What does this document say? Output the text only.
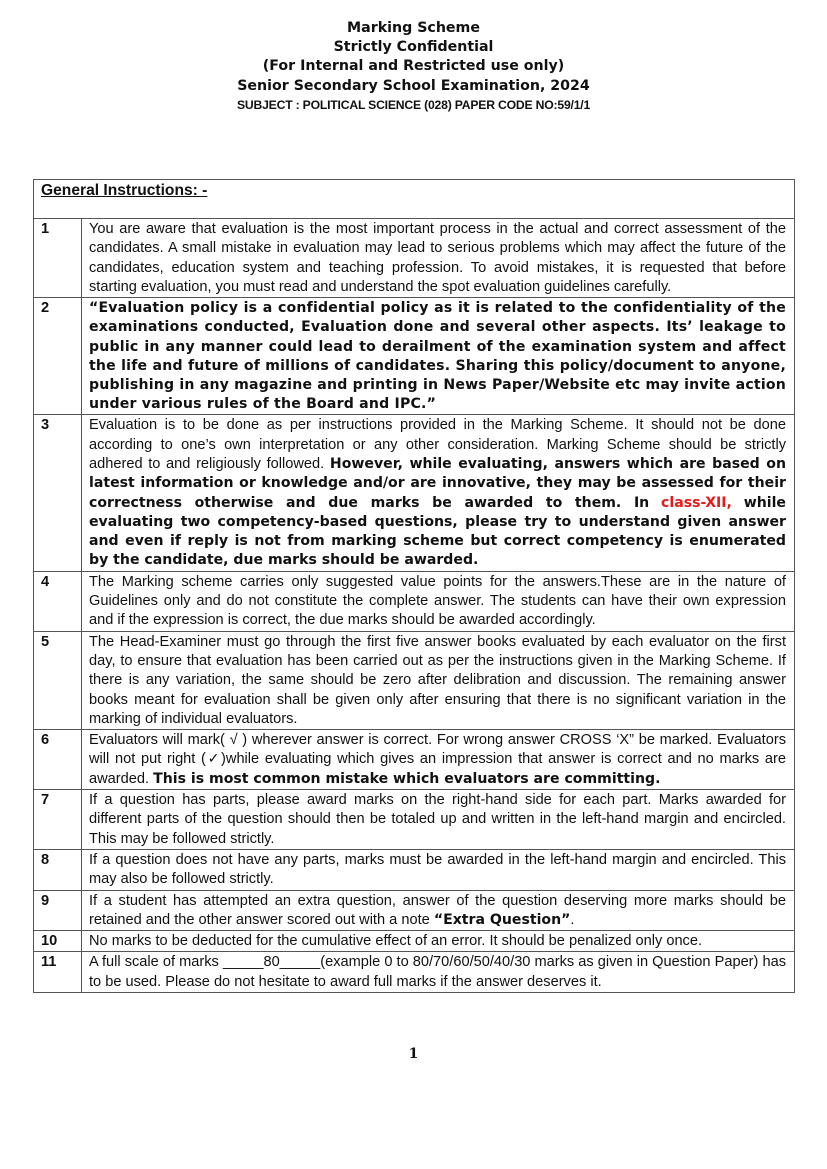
Marking Scheme
Strictly Confidential
(For Internal and Restricted use only)
Senior Secondary School Examination, 2024
SUBJECT : POLITICAL SCIENCE (028) PAPER CODE NO:59/1/1
General Instructions: -	
1	You are aware that evaluation is the most important process in the actual and correct assessment of the candidates. A small mistake in evaluation may lead to serious problems which may affect the future of the candidates, education system and teaching profession. To avoid mistakes, it is requested that before starting evaluation, you must read and understand the spot evaluation guidelines carefully.
2	“Evaluation policy is a confidential policy as it is related to the confidentiality of the examinations conducted, Evaluation done and several other aspects. Its’ leakage to public in any manner could lead to derailment of the examination system and affect the life and future of millions of candidates. Sharing this policy/document to anyone, publishing in any magazine and printing in News Paper/Website etc may invite action under various rules of the Board and IPC.”
3	Evaluation is to be done as per instructions provided in the Marking Scheme. It should not be done according to one’s own interpretation or any other consideration. Marking Scheme should be strictly adhered to and religiously followed. However, while evaluating, answers which are based on latest information or knowledge and/or are innovative, they may be assessed for their correctness otherwise and due marks be awarded to them. In class-XII, while evaluating two competency-based questions, please try to understand given answer and even if reply is not from marking scheme but correct competency is enumerated by the candidate, due marks should be awarded.
4	The Marking scheme carries only suggested value points for the answers.These are in the nature of Guidelines only and do not constitute the complete answer. The students can have their own expression and if the expression is correct, the due marks should be awarded accordingly.
5	The Head-Examiner must go through the first five answer books evaluated by each evaluator on the first day, to ensure that evaluation has been carried out as per the instructions given in the Marking Scheme. If there is any variation, the same should be zero after delibration and discussion. The remaining answer books meant for evaluation shall be given only after ensuring that there is no significant variation in the marking of individual evaluators.
6	Evaluators will mark( √ ) wherever answer is correct. For wrong answer CROSS ‘X” be marked. Evaluators will not put right (✓)while evaluating which gives an impression that answer is correct and no marks are awarded. This is most common mistake which evaluators are committing.
7	If a question has parts, please award marks on the right-hand side for each part. Marks awarded for different parts of the question should then be totaled up and written in the left-hand margin and encircled. This may be followed strictly.
8	If a question does not have any parts, marks must be awarded in the left-hand margin and encircled. This may also be followed strictly.
9	If a student has attempted an extra question, answer of the question deserving more marks should be retained and the other answer scored out with a note “Extra Question”.
10	No marks to be deducted for the cumulative effect of an error. It should be penalized only once.
11	A full scale of marks _____80_____(example 0 to 80/70/60/50/40/30 marks as given in Question Paper) has to be used. Please do not hesitate to award full marks if the answer deserves it.
1
